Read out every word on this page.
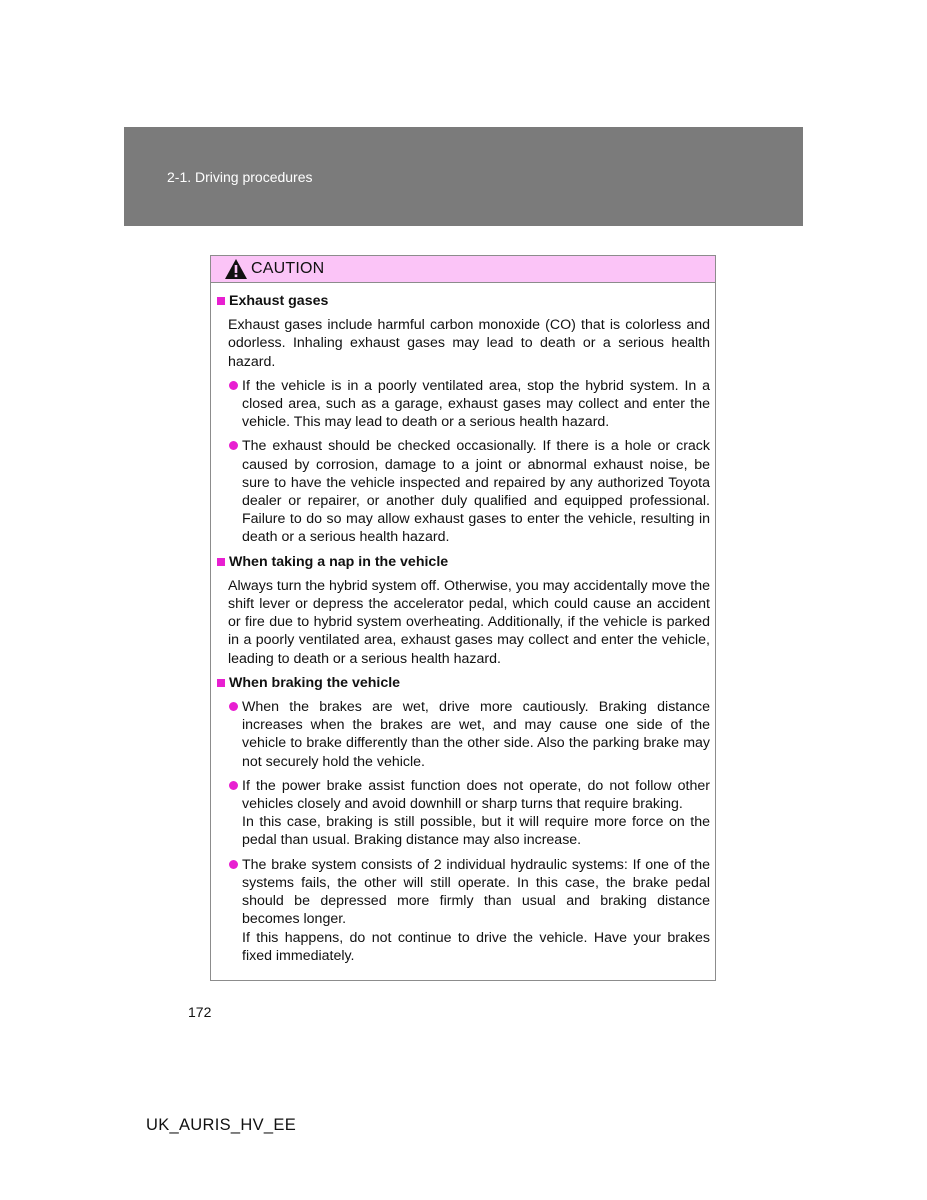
2-1. Driving procedures
CAUTION
Exhaust gases
Exhaust gases include harmful carbon monoxide (CO) that is colorless and odorless. Inhaling exhaust gases may lead to death or a serious health hazard.
If the vehicle is in a poorly ventilated area, stop the hybrid system. In a closed area, such as a garage, exhaust gases may collect and enter the vehicle. This may lead to death or a serious health hazard.
The exhaust should be checked occasionally. If there is a hole or crack caused by corrosion, damage to a joint or abnormal exhaust noise, be sure to have the vehicle inspected and repaired by any authorized Toyota dealer or repairer, or another duly qualified and equipped professional. Failure to do so may allow exhaust gases to enter the vehicle, resulting in death or a serious health hazard.
When taking a nap in the vehicle
Always turn the hybrid system off. Otherwise, you may accidentally move the shift lever or depress the accelerator pedal, which could cause an accident or fire due to hybrid system overheating. Additionally, if the vehicle is parked in a poorly ventilated area, exhaust gases may collect and enter the vehicle, leading to death or a serious health hazard.
When braking the vehicle
When the brakes are wet, drive more cautiously. Braking distance increases when the brakes are wet, and may cause one side of the vehicle to brake differently than the other side. Also the parking brake may not securely hold the vehicle.
If the power brake assist function does not operate, do not follow other vehicles closely and avoid downhill or sharp turns that require braking.
In this case, braking is still possible, but it will require more force on the pedal than usual. Braking distance may also increase.
The brake system consists of 2 individual hydraulic systems: If one of the systems fails, the other will still operate. In this case, the brake pedal should be depressed more firmly than usual and braking distance becomes longer.
If this happens, do not continue to drive the vehicle. Have your brakes fixed immediately.
172
UK_AURIS_HV_EE
